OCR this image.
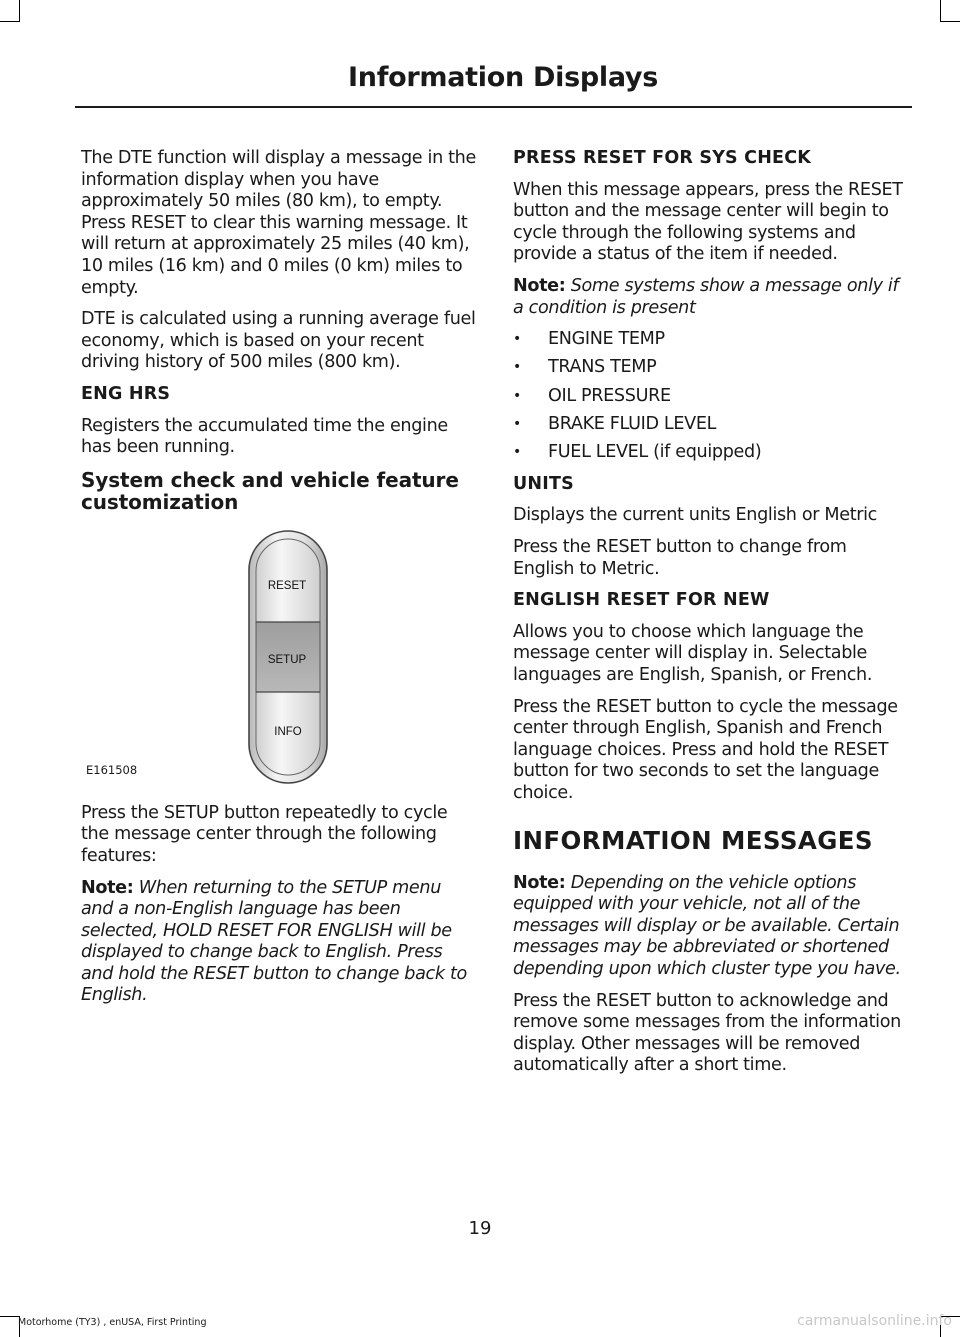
Information Displays

The DTE function will display a message in the information display when you have approximately 50 miles (80 km), to empty. Press RESET to clear this warning message. It will return at approximately 25 miles (40 km), 10 miles (16 km) and 0 miles (0 km) miles to empty.

DTE is calculated using a running average fuel economy, which is based on your recent driving history of 500 miles (800 km).

ENG HRS

Registers the accumulated time the engine has been running.

System check and vehicle feature customization
RESET
SETUP
INFO
E161508

Press the SETUP button repeatedly to cycle the message center through the following features:

Note: When returning to the SETUP menu and a non-English language has been selected, HOLD RESET FOR ENGLISH will be displayed to change back to English. Press and hold the RESET button to change back to English.

PRESS RESET FOR SYS CHECK

When this message appears, press the RESET button and the message center will begin to cycle through the following systems and provide a status of the item if needed.

Note: Some systems show a message only if a condition is present

• ENGINE TEMP
• TRANS TEMP
• OIL PRESSURE
• BRAKE FLUID LEVEL
• FUEL LEVEL (if equipped)
UNITS

Displays the current units English or Metric

Press the RESET button to change from English to Metric.

ENGLISH RESET FOR NEW

Allows you to choose which language the message center will display in. Selectable languages are English, Spanish, or French.

Press the RESET button to cycle the message center through English, Spanish and French language choices. Press and hold the RESET button for two seconds to set the language choice.

INFORMATION MESSAGES

Note: Depending on the vehicle options equipped with your vehicle, not all of the messages will display or be available. Certain messages may be abbreviated or shortened depending upon which cluster type you have.

Press the RESET button to acknowledge and remove some messages from the information display. Other messages will be removed automatically after a short time.

19
Motorhome (TY3) , enUSA, First Printing	carmanualsonline.info
